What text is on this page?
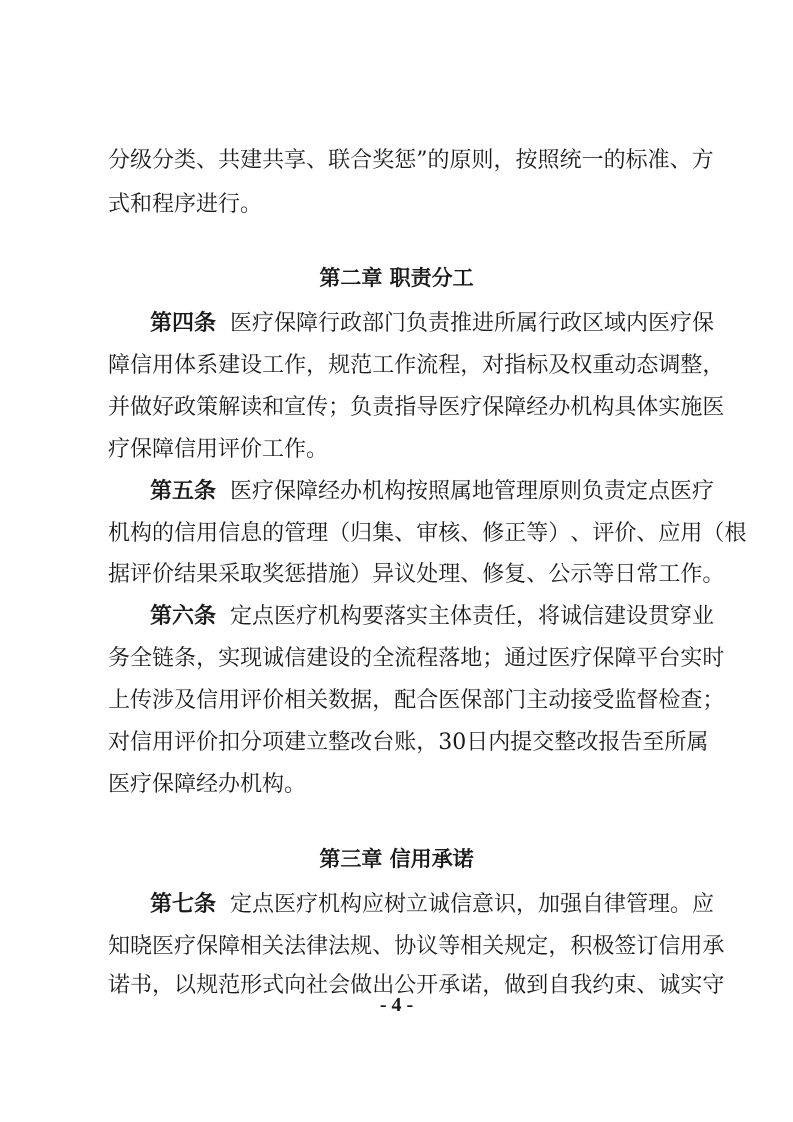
分 级 分 类 、 共 建 共 享 、 联 合 奖 惩 ” 的 原 则 ， 按 照 统 一 的 标 准 、 方
式和程序进行。
第二章 职责分工
第四条 医疗保障行政部门负责推进所属行政区域内医疗保
障 信 用 体 系 建 设 工 作 ， 规 范 工 作 流 程 ， 对 指 标 及 权 重 动 态 调 整 ，
并 做 好 政 策 解 读 和 宣 传 ； 负 责 指 导 医 疗 保 障 经 办 机 构 具 体 实 施 医
疗保障信用评价工作。
第五条 医疗保障经办机构按照属地管理原则负责定点医疗
机 构 的 信 用 信 息 的 管 理 （ 归 集 、 审 核 、 修 正 等 ） 、 评 价 、 应 用 （ 根
据 评 价 结 果 采 取 奖 惩 措 施 ） 异 议 处 理 、 修 复 、 公 示 等 日 常 工 作 。
第六条 定点医疗机构要落实主体责任，将诚信建设贯穿业
务 全 链 条 ， 实 现 诚 信 建 设 的 全 流 程 落 地 ； 通 过 医 疗 保 障 平 台 实 时
上 传 涉 及 信 用 评 价 相 关 数 据 ， 配 合 医 保 部 门 主 动 接 受 监 督 检 查 ；
对 信 用 评 价 扣 分 项 建 立 整 改 台 账 ， 3 0 日 内 提 交 整 改 报 告 至 所 属
医疗保障经办机构。
第三章 信用承诺
第七条 定点医疗机构应树立诚信意识，加强自律管理。应
知 晓 医 疗 保 障 相 关 法 律 法 规 、 协 议 等 相 关 规 定 ， 积 极 签 订 信 用 承
诺 书 ， 以 规 范 形 式 向 社 会 做 出 公 开 承 诺 ， 做 到 自 我 约 束 、 诚 实 守
- 4 -
